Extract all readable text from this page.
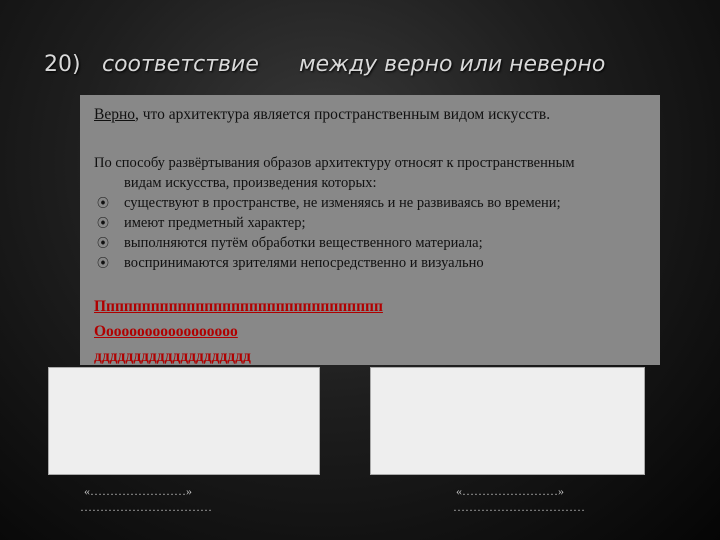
20) соответствие между верно или неверно
Верно, что архитектура является пространственным видом искусств.
По способу развёртывания образов архитектуру относят к пространственным
видам искусства, произведения которых:
⦿ существуют в пространстве, не изменяясь и не развиваясь во времени;
⦿ имеют предметный характер;
⦿ выполняются путём обработки вещественного материала;
⦿ воспринимаются зрителями непосредственно и визуально
Пппппппппппппппппппппппппппппппп
Оооооооооооооооооо
дддддддддддддддддддд
«……………………»
……………………………
«……………………»
……………………………
